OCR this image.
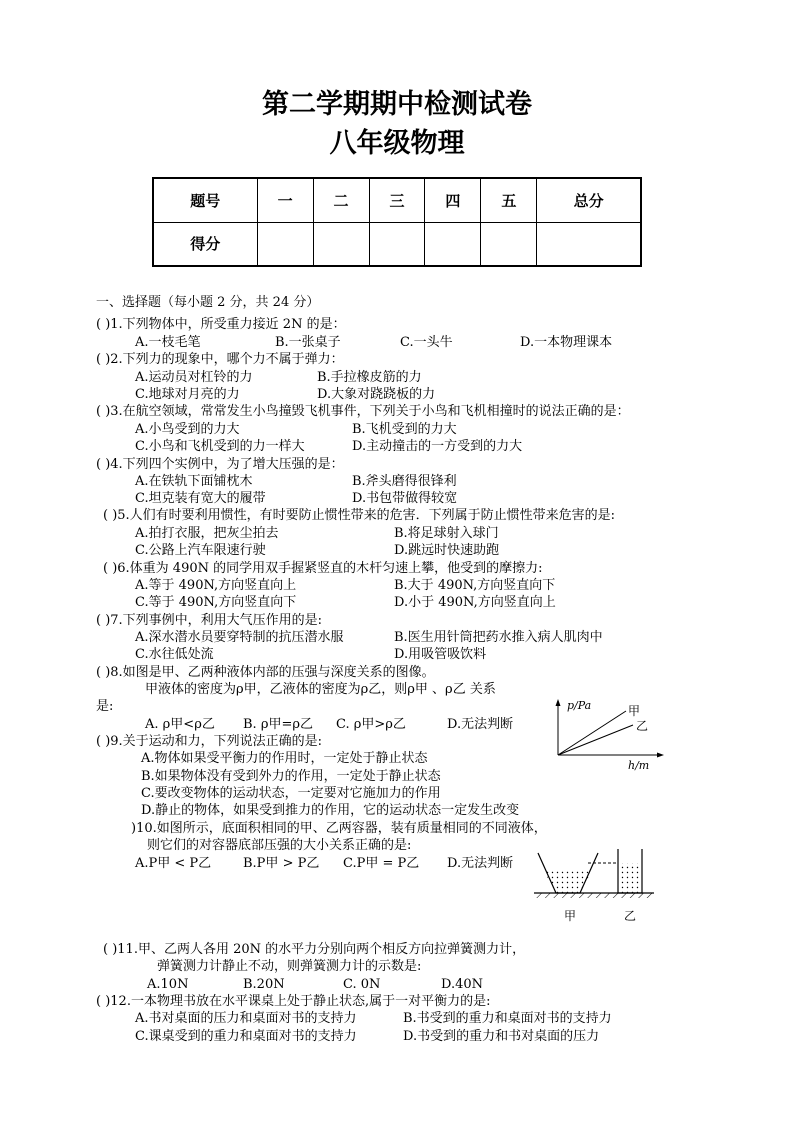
第二学期期中检测试卷
八年级物理
题号	一	二	三	四	五	总分
得分						
一、选择题（每小题 2 分，共 24 分）
( )1.下列物体中，所受重力接近 2N 的是：
A.一枝毛笔	B.一张桌子	C.一头牛	D.一本物理课本
( )2.下列力的现象中，哪个力不属于弹力：
A.运动员对杠铃的力	B.手拉橡皮筋的力
C.地球对月亮的力	D.大象对跷跷板的力
( )3.在航空领域，常常发生小鸟撞毁飞机事件，下列关于小鸟和飞机相撞时的说法正确的是：
A.小鸟受到的力大	B.飞机受到的力大
C.小鸟和飞机受到的力一样大	D.主动撞击的一方受到的力大
( )4.下列四个实例中，为了增大压强的是：
A.在铁轨下面铺枕木	B.斧头磨得很锋利
C.坦克装有宽大的履带	D.书包带做得较宽
( )5.人们有时要利用惯性，有时要防止惯性带来的危害．下列属于防止惯性带来危害的是:
A.拍打衣服，把灰尘拍去	B.将足球射入球门
C.公路上汽车限速行驶	D.跳远时快速助跑
( )6.体重为 490N 的同学用双手握紧竖直的木杆匀速上攀，他受到的摩擦力:
A.等于 490N,方向竖直向上	B.大于 490N,方向竖直向下
C.等于 490N,方向竖直向下	D.小于 490N,方向竖直向上
( )7.下列事例中，利用大气压作用的是:
A.深水潜水员要穿特制的抗压潜水服	B.医生用针筒把药水推入病人肌肉中
C.水往低处流	D.用吸管吸饮料
( )8.如图是甲、乙两种液体内部的压强与深度关系的图像。
甲液体的密度为ρ甲，乙液体的密度为ρ乙，则ρ甲 、ρ乙 关系
是:
A. ρ甲<ρ乙 B. ρ甲=ρ乙 C. ρ甲>ρ乙	D.无法判断
p/Pa
h/m
甲
乙
( )9.关于运动和力，下列说法正确的是:
A.物体如果受平衡力的作用时，一定处于静止状态
B.如果物体没有受到外力的作用，一定处于静止状态
C.要改变物体的运动状态，一定要对它施加力的作用
D.静止的物体，如果受到推力的作用，它的运动状态一定发生改变
)10.如图所示，底面积相同的甲、乙两容器，装有质量相同的不同液体，
则它们的对容器底部压强的大小关系正确的是:
A.P甲 < P乙 B.P甲 > P乙 C.P甲 = P乙 D.无法判断
甲	乙
( )11.甲、乙两人各用 20N 的水平力分别向两个相反方向拉弹簧测力计，
弹簧测力计静止不动，则弹簧测力计的示数是:
A.10N	B.20N	C. 0N	D.40N
( )12.一本物理书放在水平课桌上处于静止状态,属于一对平衡力的是:
A.书对桌面的压力和桌面对书的支持力	B.书受到的重力和桌面对书的支持力
C.课桌受到的重力和桌面对书的支持力	D.书受到的重力和书对桌面的压力
